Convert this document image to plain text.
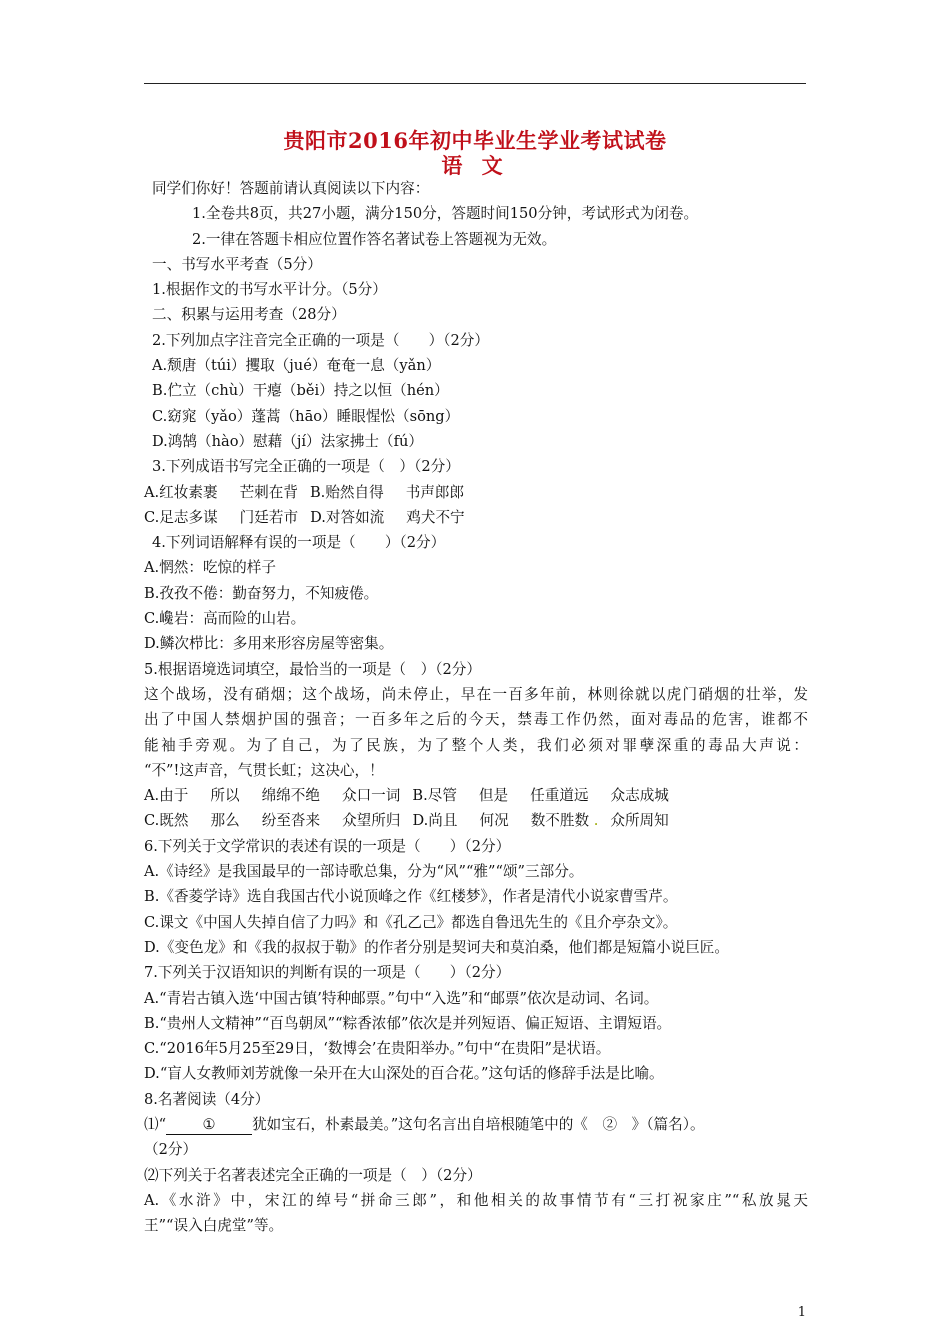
贵阳市2016年初中毕业生学业考试试卷
语 文
同学们你好！答题前请认真阅读以下内容：
1.全卷共8页，共27小题，满分150分，答题时间150分钟，考试形式为闭卷。
2.一律在答题卡相应位置作答名著试卷上答题视为无效。
一、书写水平考查（5分）
1.根据作文的书写水平计分。（5分）
二、积累与运用考查（28分）
2.下列加点字注音完全正确的一项是（　　）（2分）
A.颓唐（túi）攫取（jué）奄奄一息（yǎn）
B.伫立（chù）干瘪（běi）持之以恒（hén）
C.窈窕（yǎo）蓬蒿（hāo）睡眼惺忪（sōng）
D.鸿鹄（hào）慰藉（jí）法家拂士（fú）
3.下列成语书写完全正确的一项是（　）（2分）
A.红妆素裹 芒刺在背 B.贻然自得 书声郎郎
C.足志多谋 门廷若市 D.对答如流 鸡犬不宁
4.下列词语解释有误的一项是（　　）（2分）
A.惘然：吃惊的样子
B.孜孜不倦：勤奋努力，不知疲倦。
C.巉岩：高而险的山岩。
D.鳞次栉比：多用来形容房屋等密集。
5.根据语境选词填空，最恰当的一项是（　）（2分）
这个战场，没有硝烟；这个战场，尚未停止，早在一百多年前，林则徐就以虎门硝烟的壮举，发
出了中国人禁烟护国的强音；一百多年之后的今天，禁毒工作仍然，面对毒品的危害，谁都不
能袖手旁观。为了自己，为了民族，为了整个人类，我们必须对罪孽深重的毒品大声说：
“不”!这声音，气贯长虹；这决心，！
A.由于 所以 绵绵不绝 众口一词 B.尽管 但是 任重道远 众志成城
C.既然 那么 纷至沓来 众望所归 D.尚且 何况 数不胜数 . 众所周知
6.下列关于文学常识的表述有误的一项是（　　）（2分）
A.《诗经》是我国最早的一部诗歌总集，分为“风”“雅”“颂”三部分。
B.《香菱学诗》选自我国古代小说顶峰之作《红楼梦》，作者是清代小说家曹雪芹。
C.课文《中国人失掉自信了力吗》和《孔乙己》都选自鲁迅先生的《且介亭杂文》。
D.《变色龙》和《我的叔叔于勒》的作者分别是契诃夫和莫泊桑，他们都是短篇小说巨匠。
7.下列关于汉语知识的判断有误的一项是（　　）（2分）
A.“青岩古镇入选‘中国古镇’特种邮票。”句中“入选”和“邮票”依次是动词、名词。
B.“贵州人文精神”“百鸟朝凤”“粽香浓郁”依次是并列短语、偏正短语、主谓短语。
C.“2016年5月25至29日，‘数博会’在贵阳举办。”句中“在贵阳”是状语。
D.“盲人女教师刘芳就像一朵开在大山深处的百合花。”这句话的修辞手法是比喻。
8.名著阅读（4分）
⑴“ ① 犹如宝石，朴素最美。”这句名言出自培根随笔中的《　②　》（篇名）。
（2分）
⑵下列关于名著表述完全正确的一项是（　）（2分）
A.《水浒》中，宋江的绰号“拼命三郎”，和他相关的故事情节有“三打祝家庄”“私放晁天
王”“误入白虎堂”等。
1
